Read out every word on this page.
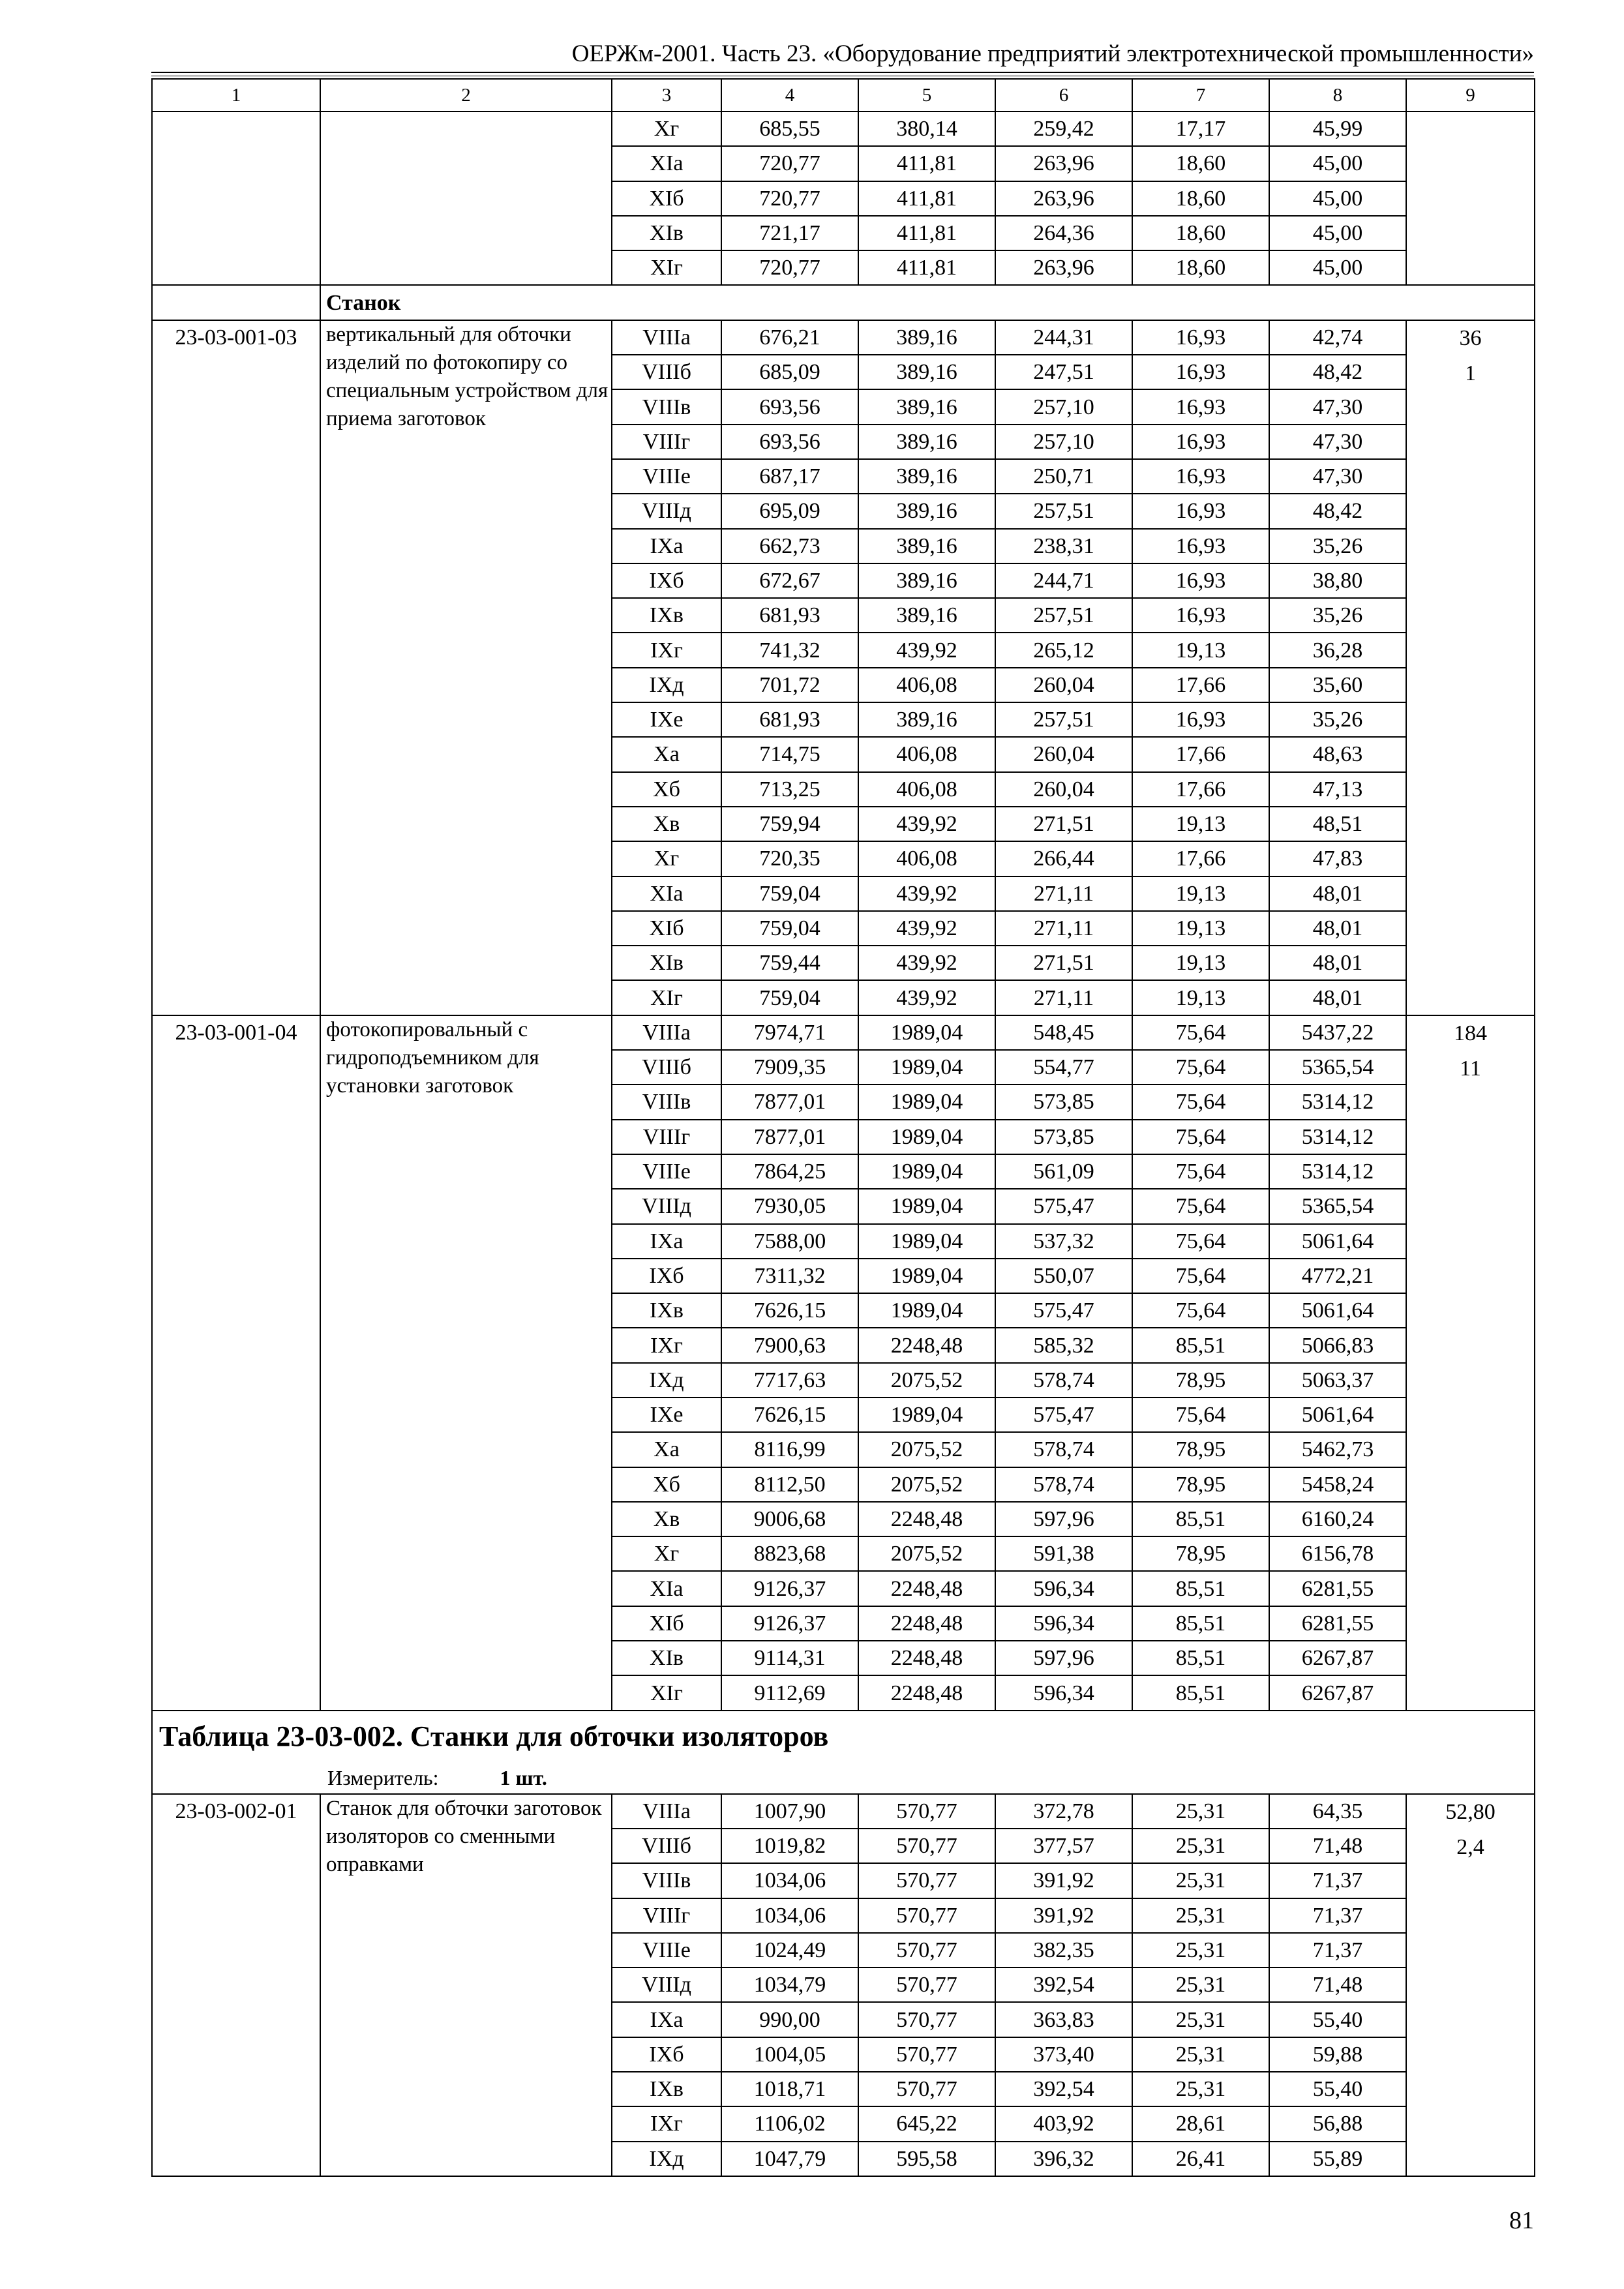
ОЕРЖм-2001. Часть 23. «Оборудование предприятий электротехнической промышленности»
1	2	3	4	5	6	7	8	9
		Хг	685,55	380,14	259,42	17,17	45,99	
		XIa	720,77	411,81	263,96	18,60	45,00	
		XIб	720,77	411,81	263,96	18,60	45,00	
		XIв	721,17	411,81	264,36	18,60	45,00	
		XIг	720,77	411,81	263,96	18,60	45,00	
	Станок							
23-03-001-03	вертикальный для обточки изделий по фотокопиру со специальным устройством для приема заготовок	VIIIa	676,21	389,16	244,31	16,93	42,74	36
1

		VIIIб	685,09	389,16	247,51	16,93	48,42	
		VIIIв	693,56	389,16	257,10	16,93	47,30	
		VIIIг	693,56	389,16	257,10	16,93	47,30	
		VIIIe	687,17	389,16	250,71	16,93	47,30	
		VIIIд	695,09	389,16	257,51	16,93	48,42	
		IXa	662,73	389,16	238,31	16,93	35,26	
		IXб	672,67	389,16	244,71	16,93	38,80	
		IXв	681,93	389,16	257,51	16,93	35,26	
		IXг	741,32	439,92	265,12	19,13	36,28	
		IXд	701,72	406,08	260,04	17,66	35,60	
		IXe	681,93	389,16	257,51	16,93	35,26	
		Xa	714,75	406,08	260,04	17,66	48,63	
		Xб	713,25	406,08	260,04	17,66	47,13	
		Xв	759,94	439,92	271,51	19,13	48,51	
		Xг	720,35	406,08	266,44	17,66	47,83	
		XIa	759,04	439,92	271,11	19,13	48,01	
		XIб	759,04	439,92	271,11	19,13	48,01	
		XIв	759,44	439,92	271,51	19,13	48,01	
		XIг	759,04	439,92	271,11	19,13	48,01	
23-03-001-04	фотокопировальный с гидроподъемником для установки заготовок	VIIIa	7974,71	1989,04	548,45	75,64	5437,22	184
11

		VIIIб	7909,35	1989,04	554,77	75,64	5365,54	
		VIIIв	7877,01	1989,04	573,85	75,64	5314,12	
		VIIIг	7877,01	1989,04	573,85	75,64	5314,12	
		VIIIe	7864,25	1989,04	561,09	75,64	5314,12	
		VIIIд	7930,05	1989,04	575,47	75,64	5365,54	
		IXa	7588,00	1989,04	537,32	75,64	5061,64	
		IXб	7311,32	1989,04	550,07	75,64	4772,21	
		IXв	7626,15	1989,04	575,47	75,64	5061,64	
		IXг	7900,63	2248,48	585,32	85,51	5066,83	
		IXд	7717,63	2075,52	578,74	78,95	5063,37	
		IXe	7626,15	1989,04	575,47	75,64	5061,64	
		Xa	8116,99	2075,52	578,74	78,95	5462,73	
		Xб	8112,50	2075,52	578,74	78,95	5458,24	
		Xв	9006,68	2248,48	597,96	85,51	6160,24	
		Xг	8823,68	2075,52	591,38	78,95	6156,78	
		XIa	9126,37	2248,48	596,34	85,51	6281,55	
		XIб	9126,37	2248,48	596,34	85,51	6281,55	
		XIв	9114,31	2248,48	597,96	85,51	6267,87	
		XIг	9112,69	2248,48	596,34	85,51	6267,87	
Таблица 23-03-002. Станки для обточки изоляторов								
Измеритель: 1 шт.								
23-03-002-01	Станок для обточки заготовок изоляторов со сменными оправками	VIIIa	1007,90	570,77	372,78	25,31	64,35	52,80
2,4

		VIIIб	1019,82	570,77	377,57	25,31	71,48	
		VIIIв	1034,06	570,77	391,92	25,31	71,37	
		VIIIг	1034,06	570,77	391,92	25,31	71,37	
		VIIIe	1024,49	570,77	382,35	25,31	71,37	
		VIIIд	1034,79	570,77	392,54	25,31	71,48	
		IXa	990,00	570,77	363,83	25,31	55,40	
		IXб	1004,05	570,77	373,40	25,31	59,88	
		IXв	1018,71	570,77	392,54	25,31	55,40	
		IXг	1106,02	645,22	403,92	28,61	56,88	
		IXд	1047,79	595,58	396,32	26,41	55,89	
81
